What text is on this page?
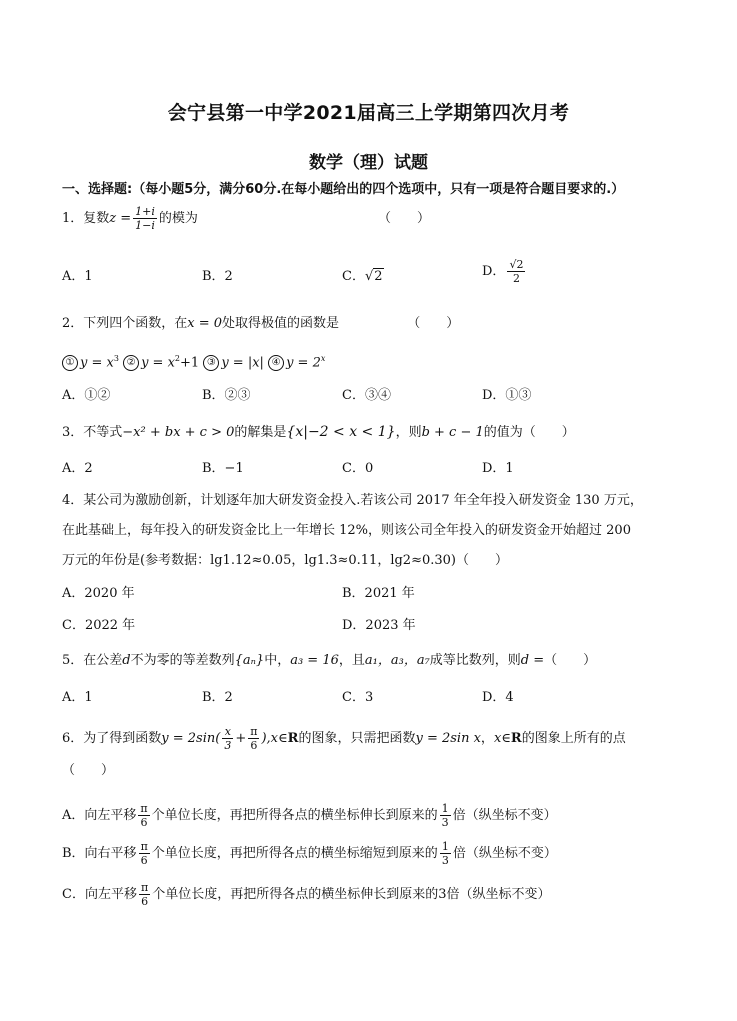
会宁县第一中学2021届高三上学期第四次月考
数学（理）试题
一、选择题:（每小题5分，满分60分.在每小题给出的四个选项中，只有一项是符合题目要求的.）
1．复数$z = \frac{1+i}{1-i}$ 的模为	（　　）
A．1	B．2	C．√2	D． $\frac{√2}{2}$
2．下列四个函数，在x = 0处取得极值的函数是	（　　）
① $y = x^3$ ② $y = x^2+1$ ③ y = |x| ④ $y = 2^x$
A．①②	B．②③	C．③④	D．①③
3．不等式−x² + bx + c > 0的解集是{x|−2 < x < 1}，则b + c − 1的值为（　　）
A．2	B．−1	C．0	D．1
4．某公司为激励创新，计划逐年加大研发资金投入.若该公司 2017 年全年投入研发资金 130 万元，
在此基础上，每年投入的研发资金比上一年增长 12%，则该公司全年投入的研发资金开始超过 200
万元的年份是(参考数据：lg1.12≈0.05，lg1.3≈0.11，lg2≈0.30)（　　）
A．2020 年	B．2021 年
C．2022 年	D．2023 年
5．在公差d不为零的等差数列{aₙ}中，a₃ = 16，且a₁，a₃，a₇成等比数列，则d =（　　）
A．1	B．2	C．3	D．4
6．为了得到函数$y = 2\sin( \frac{x}{3} + \frac{\pi}{6}$ ),x∈R的图象，只需把函数y = 2sin x，x∈R的图象上所有的点
（　　）
A．向左平移 $\frac{\pi}{6}$ 个单位长度，再把所得各点的横坐标伸长到原来的 $\frac{1}{3}$ 倍（纵坐标不变）
B．向右平移 $\frac{\pi}{6}$ 个单位长度，再把所得各点的横坐标缩短到原来的 $\frac{1}{3}$ 倍（纵坐标不变）
C．向左平移 $\frac{\pi}{6}$ 个单位长度，再把所得各点的横坐标伸长到原来的3倍（纵坐标不变）
